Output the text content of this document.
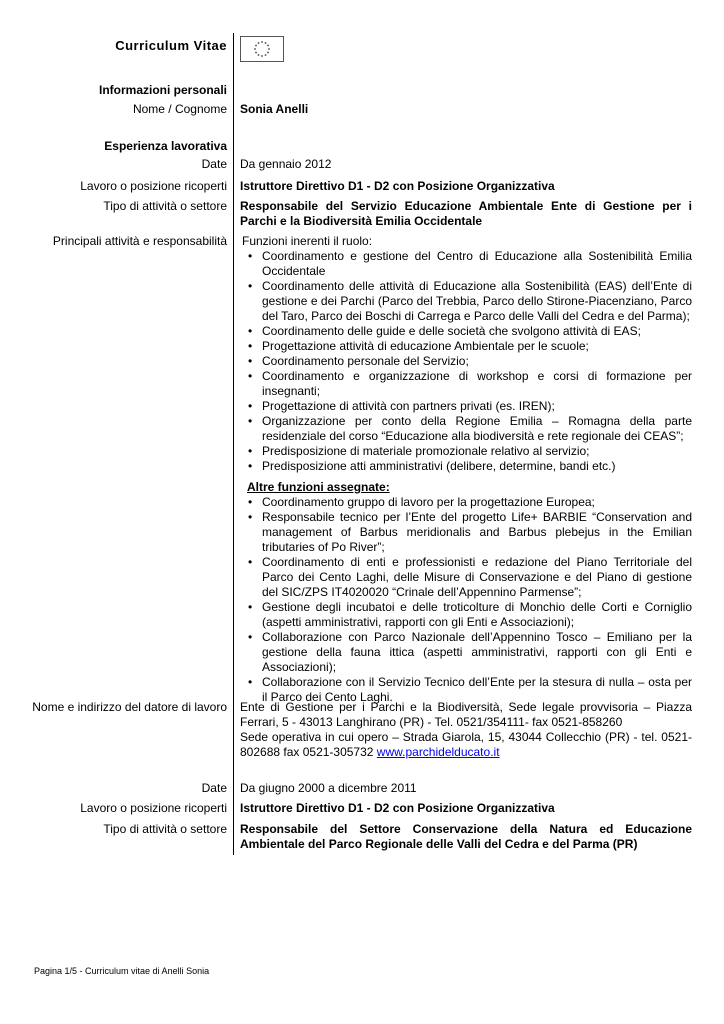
Curriculum Vitae
Informazioni personali
Nome / Cognome Sonia Anelli
Esperienza lavorativa
Date Da gennaio 2012
Lavoro o posizione ricoperti Istruttore Direttivo D1 - D2 con Posizione Organizzativa
Tipo di attività o settore Responsabile del Servizio Educazione Ambientale Ente di Gestione per i Parchi e la Biodiversità Emilia Occidentale
Principali attività e responsabilità Funzioni inerenti il ruolo:
• Coordinamento e gestione del Centro di Educazione alla Sostenibilità Emilia Occidentale
• Coordinamento delle attività di Educazione alla Sostenibilità (EAS) dell’Ente di gestione e dei Parchi (Parco del Trebbia, Parco dello Stirone-Piacenziano, Parco del Taro, Parco dei Boschi di Carrega e Parco delle Valli del Cedra e del Parma);
• Coordinamento delle guide e delle società che svolgono attività di EAS;
• Progettazione attività di educazione Ambientale per le scuole;
• Coordinamento personale del Servizio;
• Coordinamento e organizzazione di workshop e corsi di formazione per insegnanti;
• Progettazione di attività con partners privati (es. IREN);
• Organizzazione per conto della Regione Emilia – Romagna della parte residenziale del corso “Educazione alla biodiversità e rete regionale dei CEAS”;
• Predisposizione di materiale promozionale relativo al servizio;
• Predisposizione atti amministrativi (delibere, determine, bandi etc.)
Altre funzioni assegnate:
• Coordinamento gruppo di lavoro per la progettazione Europea;
• Responsabile tecnico per l’Ente del progetto Life+ BARBIE “Conservation and management of Barbus meridionalis and Barbus plebejus in the Emilian tributaries of Po River”;
• Coordinamento di enti e professionisti e redazione del Piano Territoriale del Parco dei Cento Laghi, delle Misure di Conservazione e del Piano di gestione del SIC/ZPS IT4020020 “Crinale dell’Appennino Parmense”;
• Gestione degli incubatoi e delle troticolture di Monchio delle Corti e Corniglio (aspetti amministrativi, rapporti con gli Enti e Associazioni);
• Collaborazione con Parco Nazionale dell’Appennino Tosco – Emiliano per la gestione della fauna ittica (aspetti amministrativi, rapporti con gli Enti e Associazioni);
• Collaborazione con il Servizio Tecnico dell’Ente per la stesura di nulla – osta per il Parco dei Cento Laghi.
Nome e indirizzo del datore di lavoro Ente di Gestione per i Parchi e la Biodiversità, Sede legale provvisoria – Piazza Ferrari, 5 - 43013 Langhirano (PR) - Tel. 0521/354111- fax 0521-858260
Sede operativa in cui opero – Strada Giarola, 15, 43044 Collecchio (PR) - tel. 0521-802688 fax 0521-305732 www.parchidelducato.it
Date Da giugno 2000 a dicembre 2011
Lavoro o posizione ricoperti Istruttore Direttivo D1 - D2 con Posizione Organizzativa
Tipo di attività o settore Responsabile del Settore Conservazione della Natura ed Educazione Ambientale del Parco Regionale delle Valli del Cedra e del Parma (PR)
Pagina 1/5 - Curriculum vitae di Anelli Sonia
